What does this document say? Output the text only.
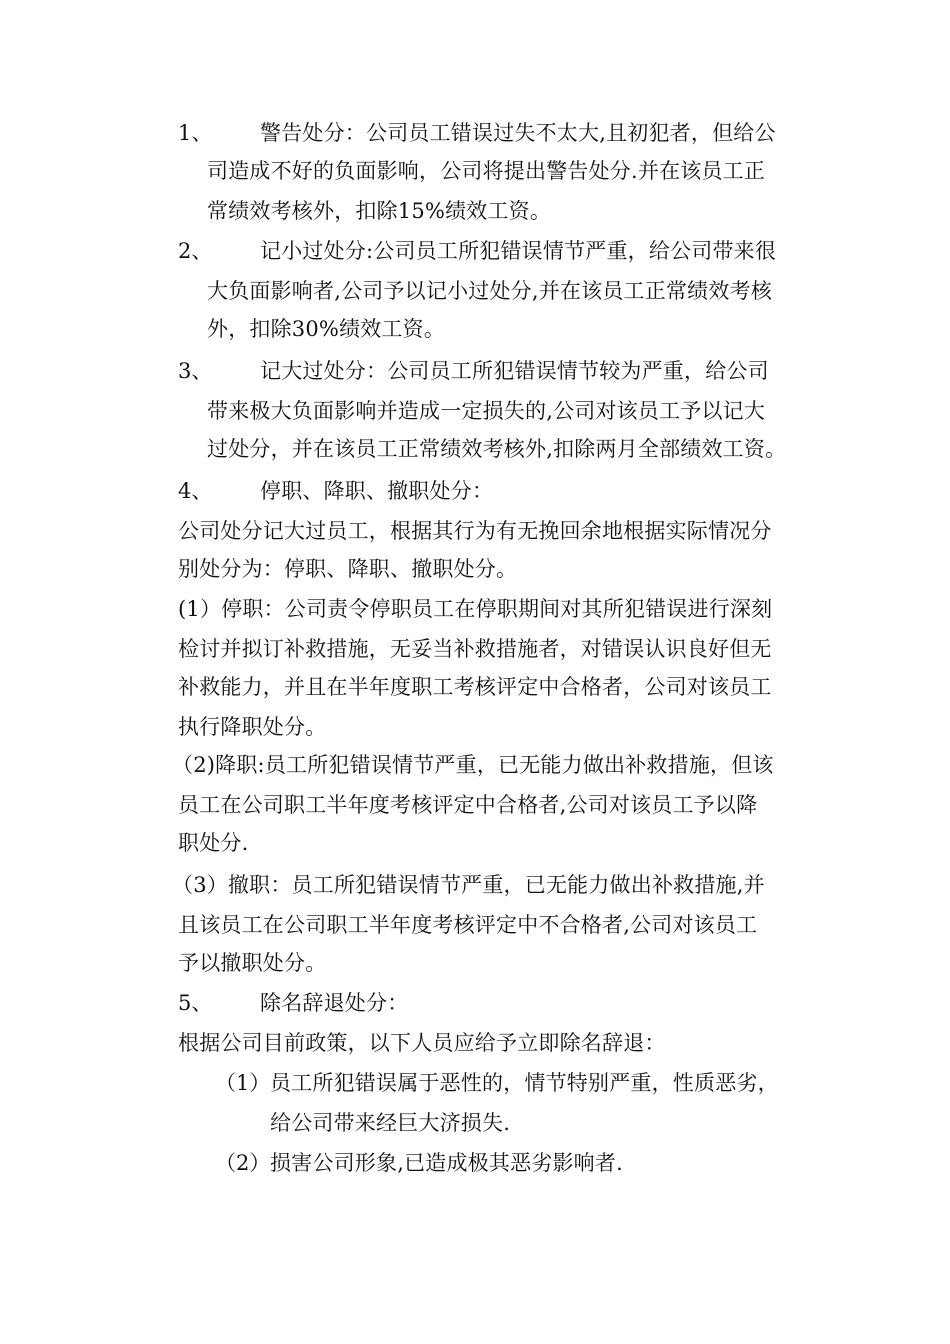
1、 警告处分：公司员工错误过失不太大,且初犯者，但给公
司造成不好的负面影响，公司将提出警告处分.并在该员工正
常绩效考核外，扣除15%绩效工资。
2、 记小过处分:公司员工所犯错误情节严重，给公司带来很
大负面影响者,公司予以记小过处分,并在该员工正常绩效考核
外，扣除30%绩效工资。
3、 记大过处分：公司员工所犯错误情节较为严重，给公司
带来极大负面影响并造成一定损失的,公司对该员工予以记大
过处分，并在该员工正常绩效考核外,扣除两月全部绩效工资。
4、 停职、降职、撤职处分：
公司处分记大过员工，根据其行为有无挽回余地根据实际情况分
别处分为：停职、降职、撤职处分。
(1）停职：公司责令停职员工在停职期间对其所犯错误进行深刻
检讨并拟订补救措施，无妥当补救措施者，对错误认识良好但无
补救能力，并且在半年度职工考核评定中合格者，公司对该员工
执行降职处分。
（2)降职:员工所犯错误情节严重，已无能力做出补救措施，但该
员工在公司职工半年度考核评定中合格者,公司对该员工予以降
职处分.
（3）撤职：员工所犯错误情节严重，已无能力做出补救措施,并
且该员工在公司职工半年度考核评定中不合格者,公司对该员工
予以撤职处分。
5、 除名辞退处分：
根据公司目前政策，以下人员应给予立即除名辞退：
（1） 员工所犯错误属于恶性的，情节特别严重，性质恶劣，
给公司带来经巨大济损失.
（2） 损害公司形象,已造成极其恶劣影响者.
